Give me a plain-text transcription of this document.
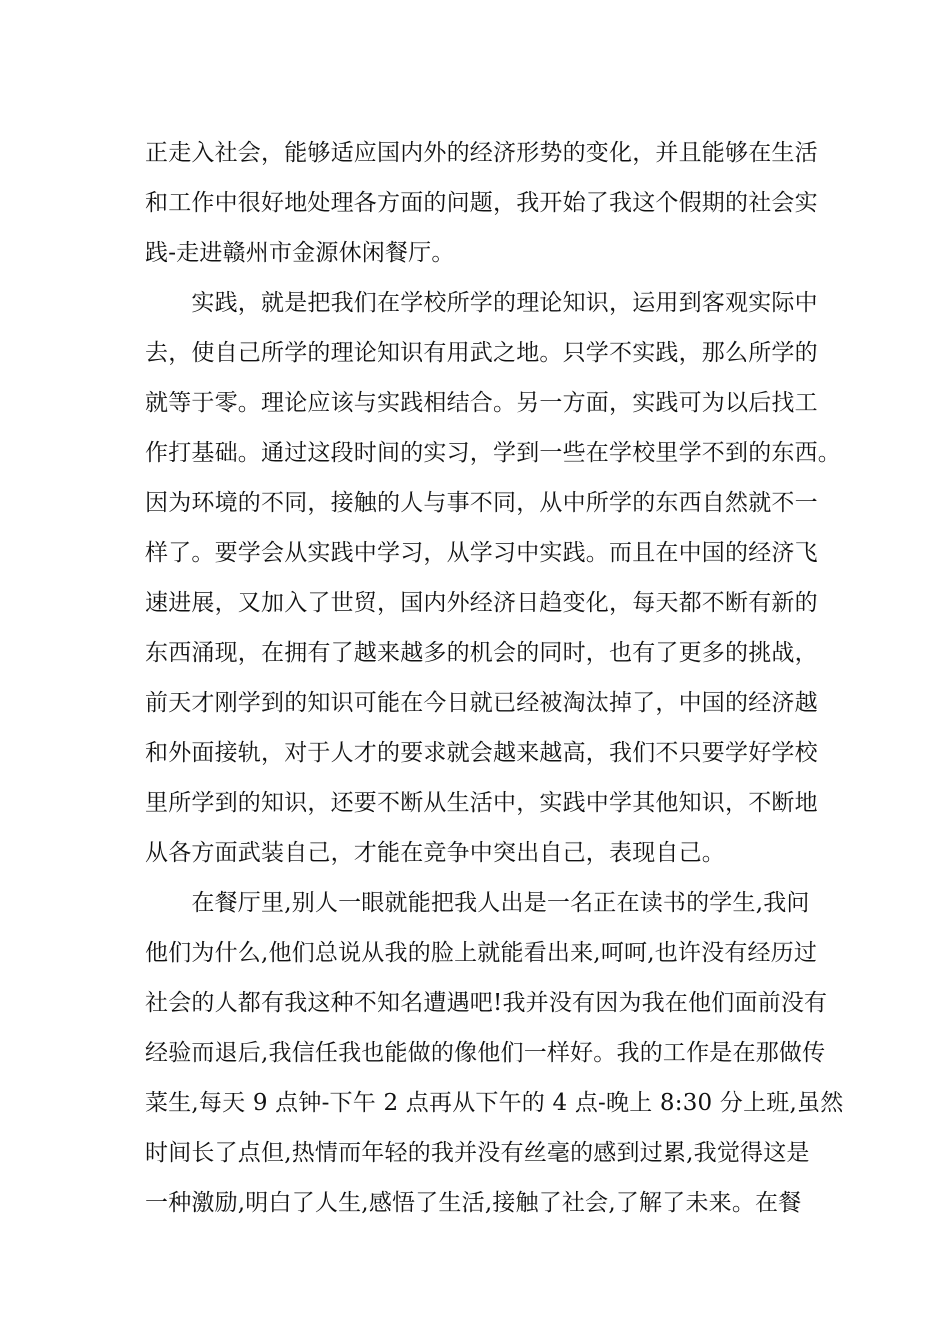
正走入社会，能够适应国内外的经济形势的变化，并且能够在生活
和工作中很好地处理各方面的问题，我开始了我这个假期的社会实
践-走进赣州市金源休闲餐厅。
　　实践，就是把我们在学校所学的理论知识，运用到客观实际中
去，使自己所学的理论知识有用武之地。只学不实践，那么所学的
就等于零。理论应该与实践相结合。另一方面，实践可为以后找工
作打基础。通过这段时间的实习，学到一些在学校里学不到的东西。
因为环境的不同，接触的人与事不同，从中所学的东西自然就不一
样了。要学会从实践中学习，从学习中实践。而且在中国的经济飞
速进展，又加入了世贸，国内外经济日趋变化，每天都不断有新的
东西涌现，在拥有了越来越多的机会的同时，也有了更多的挑战，
前天才刚学到的知识可能在今日就已经被淘汰掉了，中国的经济越
和外面接轨，对于人才的要求就会越来越高，我们不只要学好学校
里所学到的知识，还要不断从生活中，实践中学其他知识，不断地
从各方面武装自己，才能在竞争中突出自己，表现自己。
　　在餐厅里,别人一眼就能把我人出是一名正在读书的学生,我问
他们为什么,他们总说从我的脸上就能看出来,呵呵,也许没有经历过
社会的人都有我这种不知名遭遇吧!我并没有因为我在他们面前没有
经验而退后,我信任我也能做的像他们一样好。我的工作是在那做传
菜生,每天 9 点钟-下午 2 点再从下午的 4 点-晚上 8:30 分上班,虽然
时间长了点但,热情而年轻的我并没有丝毫的感到过累,我觉得这是
一种激励,明白了人生,感悟了生活,接触了社会,了解了未来。在餐
